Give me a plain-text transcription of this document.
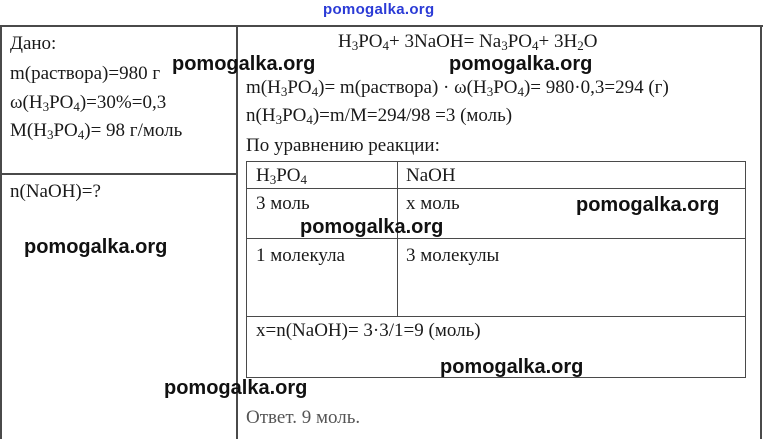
pomogalka.org
Дано:
m(раствора)=980 г
$\omega(H_3PO_4)=30\%=0,3$
$M(H_3PO_4)= 98$ г/моль
n(NaOH)=?
$H_3PO_4+$ 3NaOH= $Na_3PO_4+ 3H_2O$
$m(H_3PO_4)=$ m(раствора) · $\omega(H_3PO_4)= 980\cdot 0,3=294$ (г)
$n(H_3PO_4)=m/M=294/98 =3$ (моль)
По уравнению реакции:
$H_3PO_4$	NaOH
3 моль	x моль
1 молекула	3 молекулы
x=n(NaOH)= 3·3/1=9 (моль)
Ответ. 9 моль.
pomogalka.org	pomogalka.org
pomogalka.org
pomogalka.org
pomogalka.org
pomogalka.org
pomogalka.org
